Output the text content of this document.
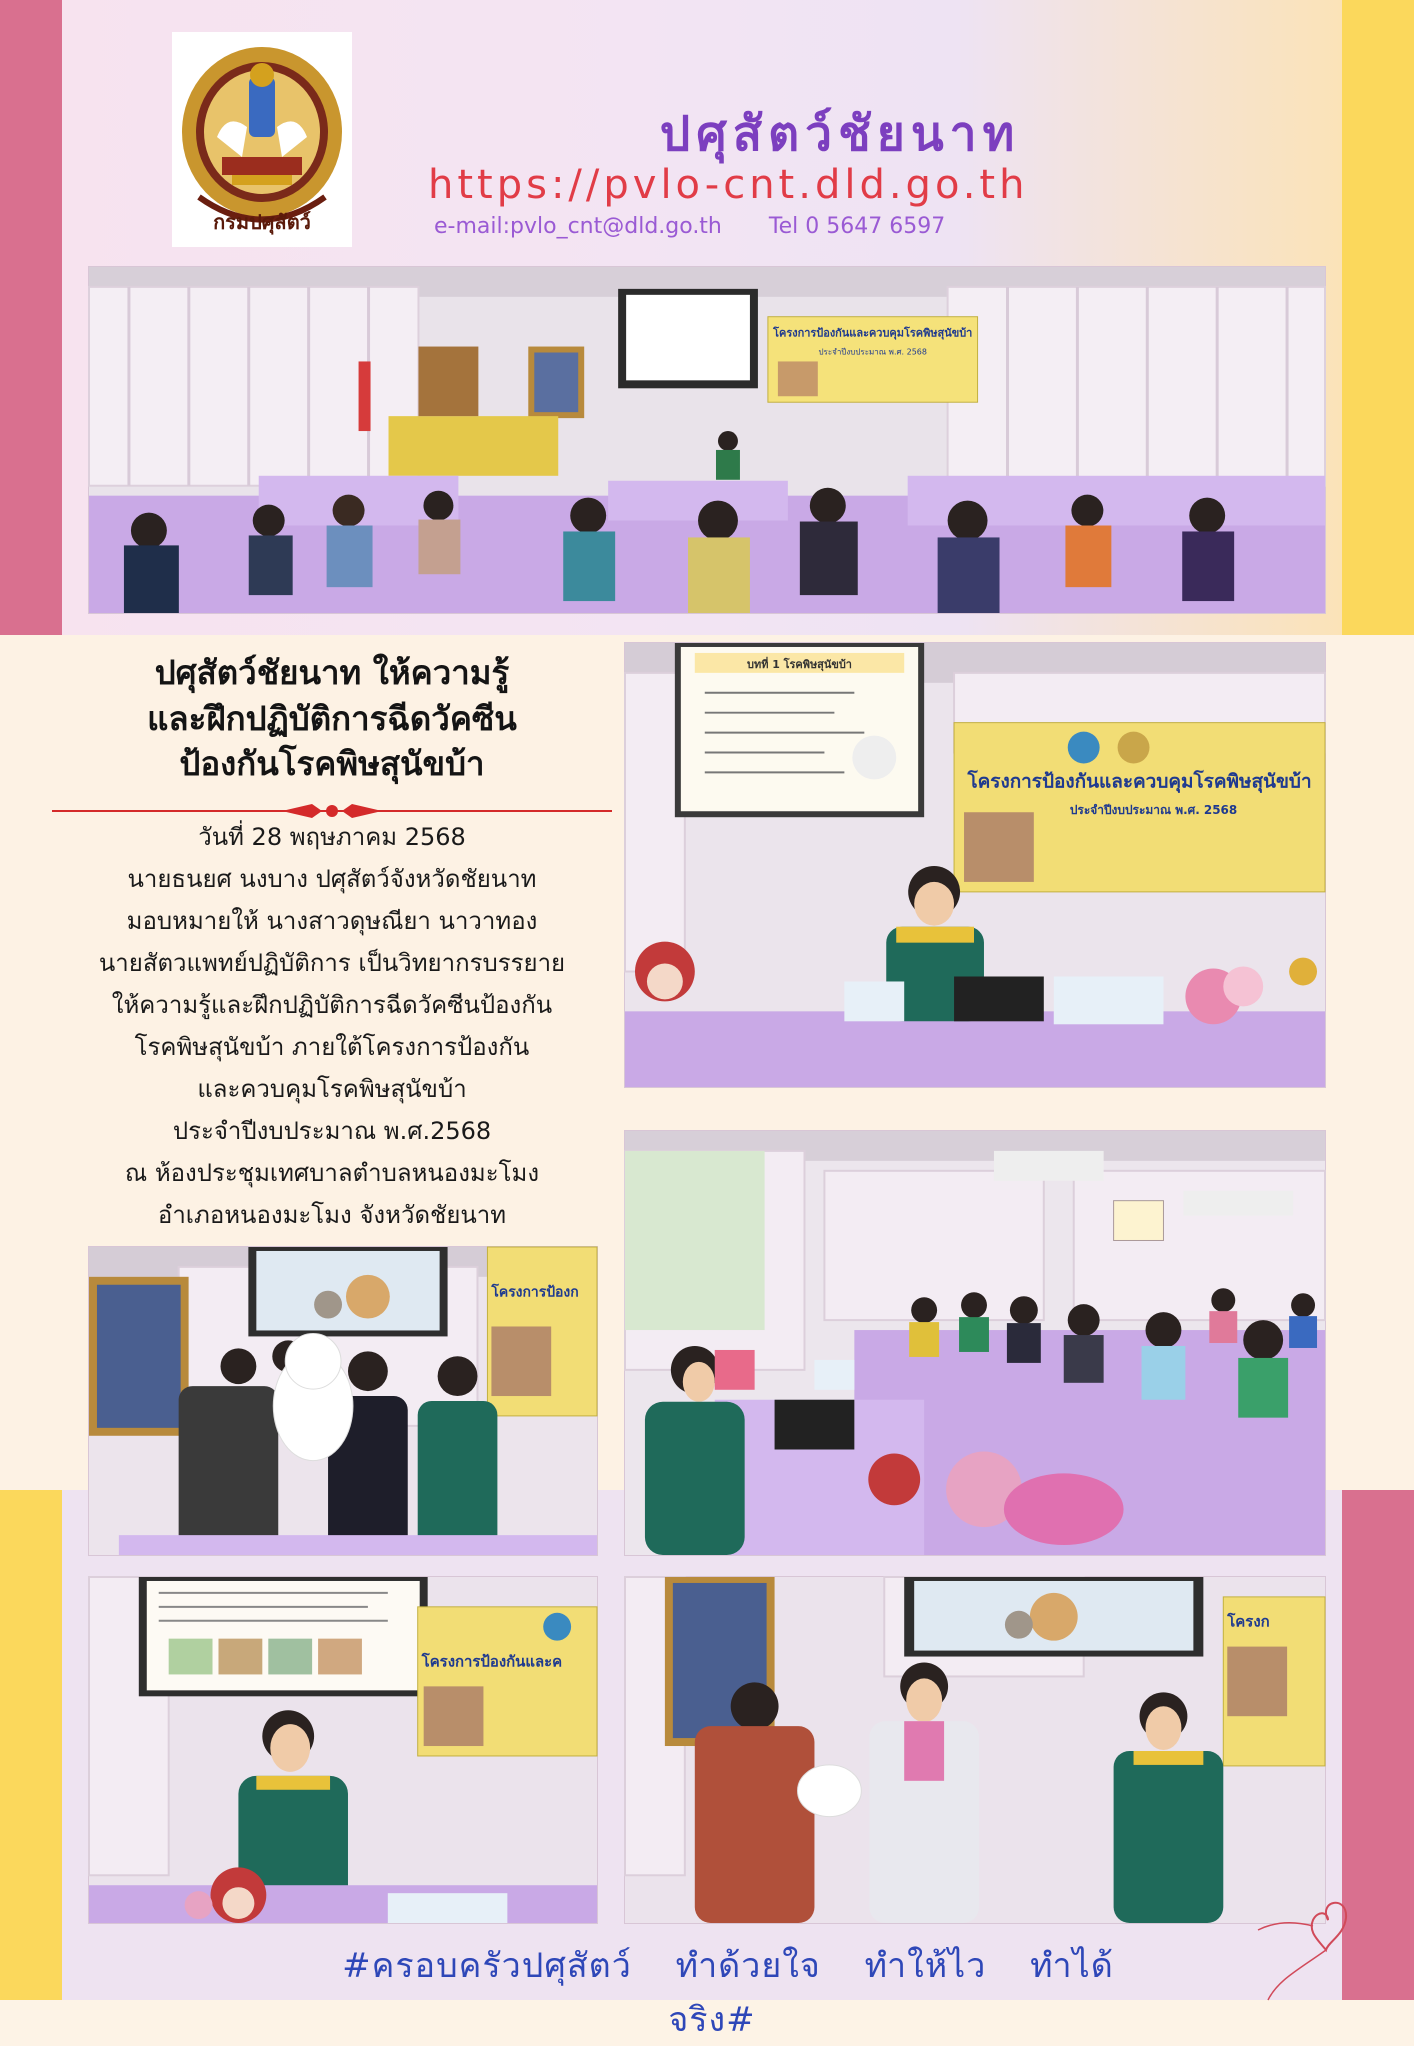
กรมปศุสัตว์
ปศุสัตว์ชัยนาท
https://pvlo-cnt.dld.go.th
e-mail:pvlo_cnt@dld.go.th Tel 0 5647 6597
โครงการป้องกันและควบคุมโรคพิษสุนัขบ้า
ประจำปีงบประมาณ พ.ศ. 2568
ปศุสัตว์ชัยนาท ให้ความรู้
และฝึกปฏิบัติการฉีดวัคซีน
ป้องกันโรคพิษสุนัขบ้า

วันที่ 28 พฤษภาคม 2568

นายธนยศ นงบาง ปศุสัตว์จังหวัดชัยนาท

มอบหมายให้ นางสาวดุษณียา นาวาทอง

นายสัตวแพทย์ปฏิบัติการ เป็นวิทยากรบรรยาย

ให้ความรู้และฝึกปฏิบัติการฉีดวัคซีนป้องกัน

โรคพิษสุนัขบ้า ภายใต้โครงการป้องกัน

และควบคุมโรคพิษสุนัขบ้า

ประจำปีงบประมาณ พ.ศ.2568

ณ ห้องประชุมเทศบาลตำบลหนองมะโมง

อำเภอหนองมะโมง จังหวัดชัยนาท

บทที่ 1 โรคพิษสุนัขบ้า
โครงการป้องกันและควบคุมโรคพิษสุนัขบ้า
ประจำปีงบประมาณ พ.ศ. 2568
โครงการป้องก
โครงการป้องกันและค
โครงก
#ครอบครัวปศุสัตว์ ทำด้วยใจ ทำให้ไว ทำได้จริง#
